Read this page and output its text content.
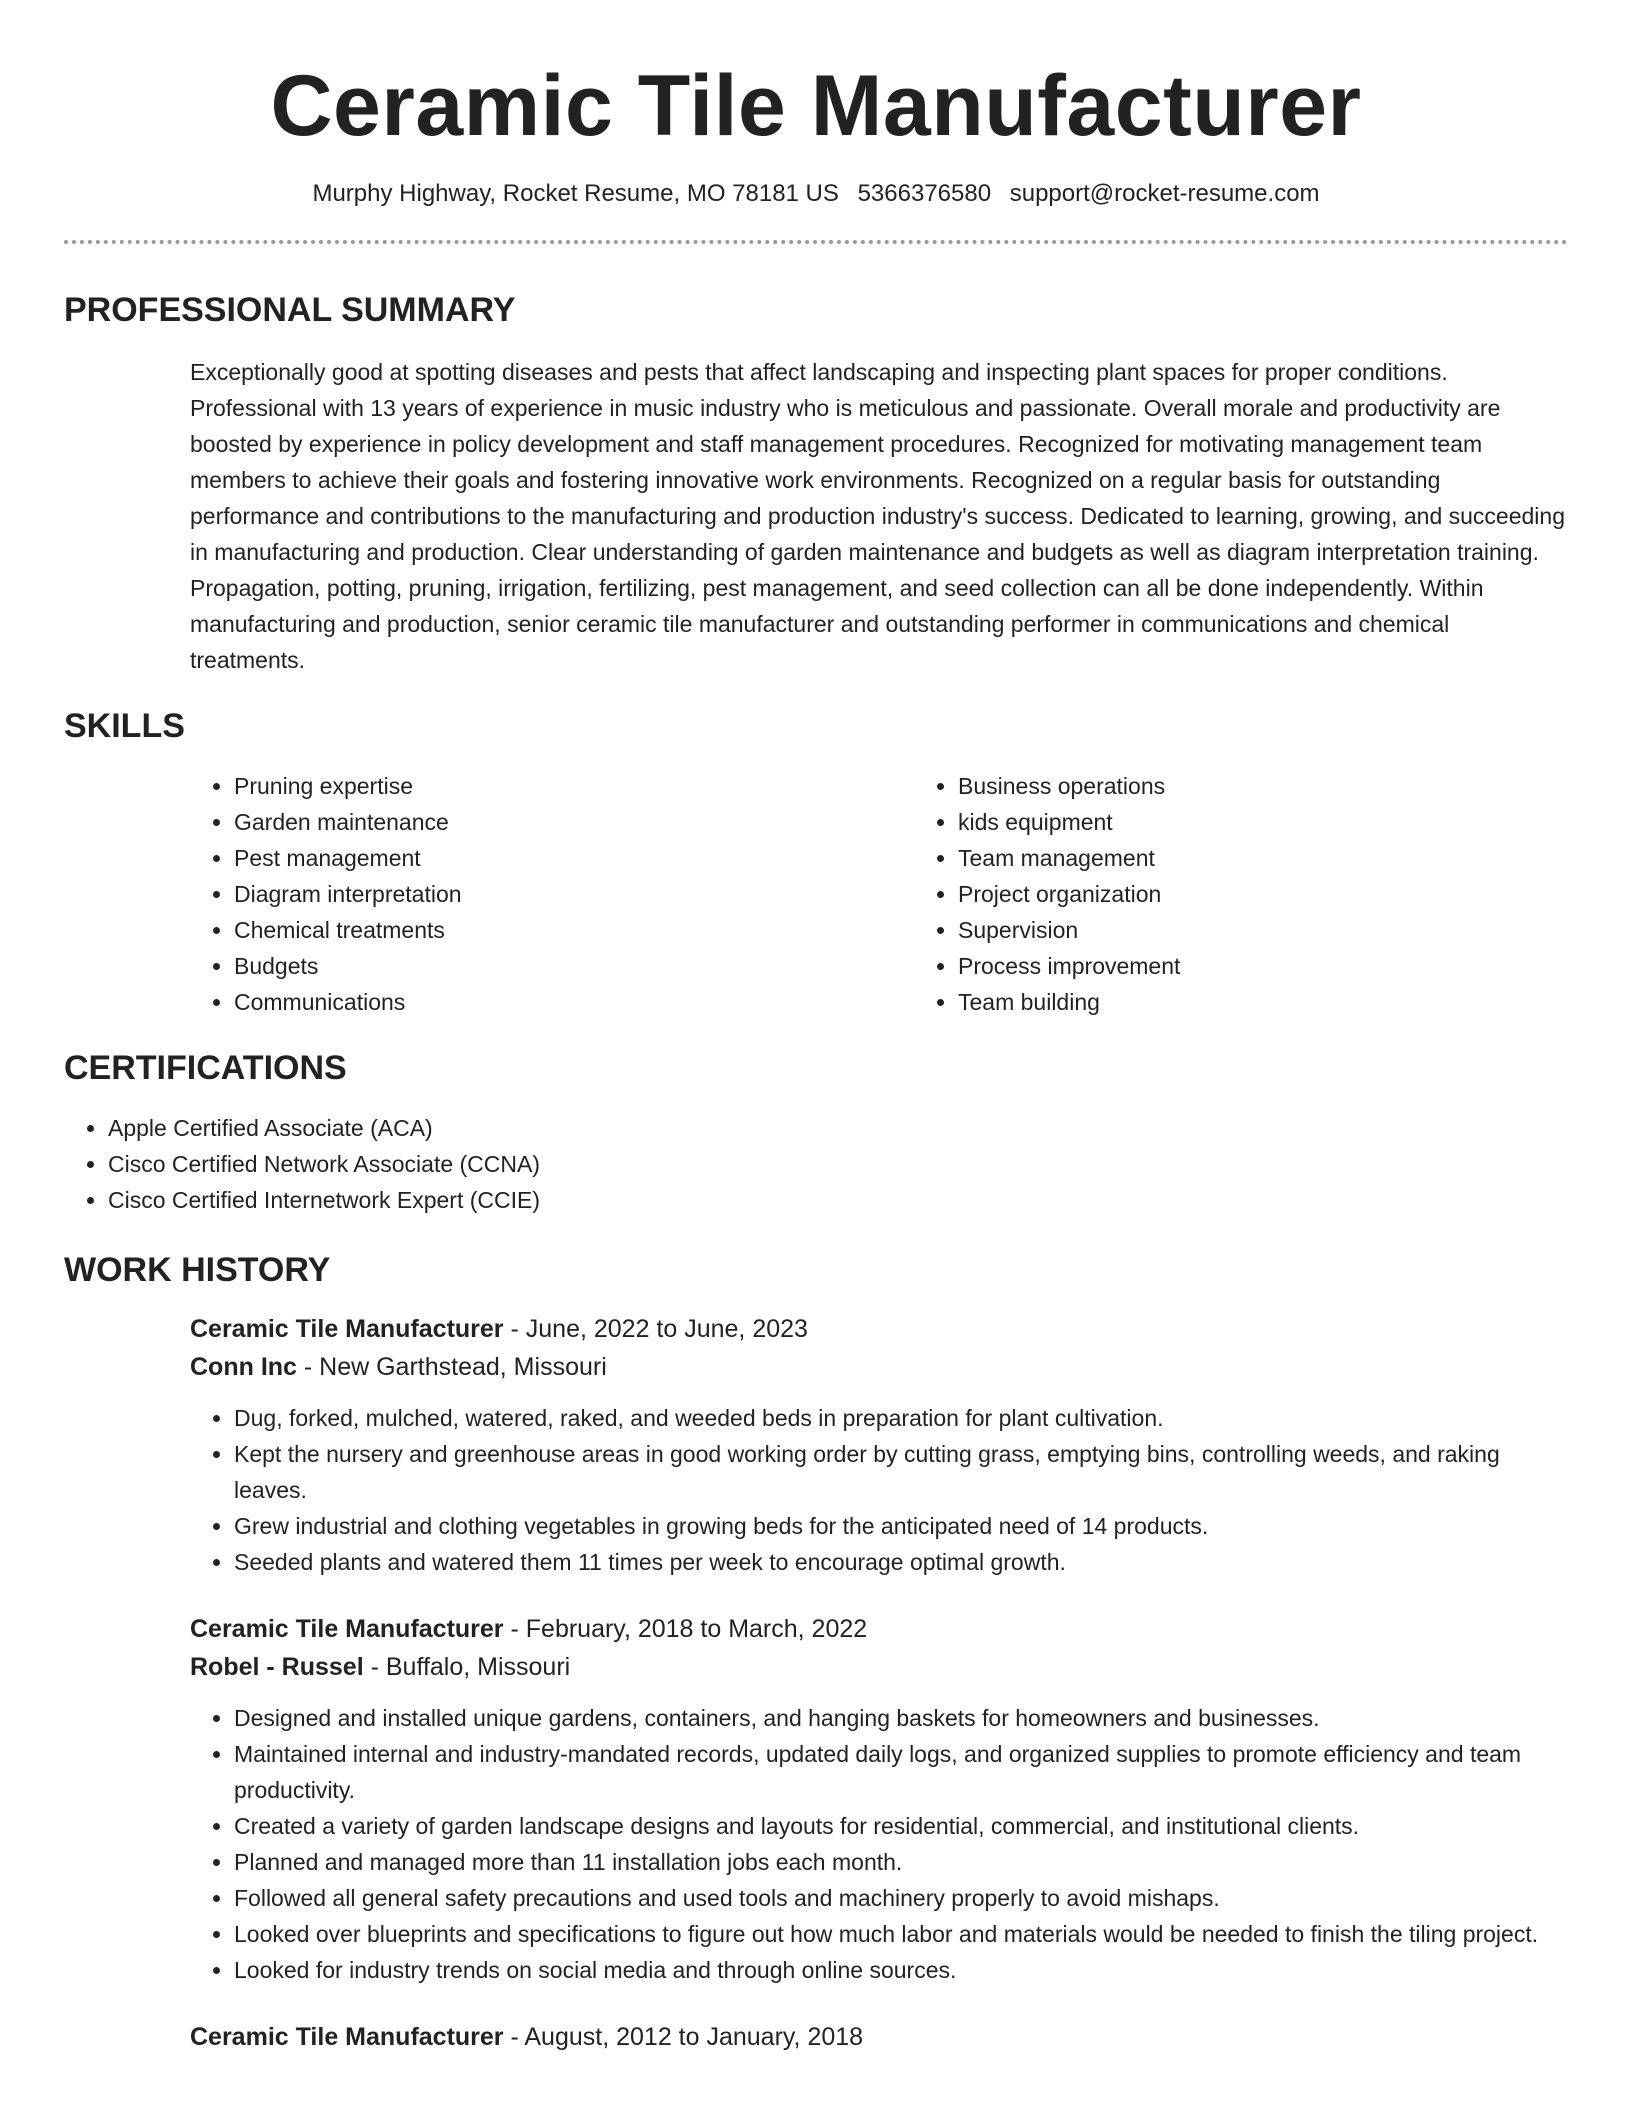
Ceramic Tile Manufacturer
Murphy Highway, Rocket Resume, MO 78181 US 5366376580 support@rocket-resume.com
PROFESSIONAL SUMMARY

Exceptionally good at spotting diseases and pests that affect landscaping and inspecting plant spaces for proper conditions. Professional with 13 years of experience in music industry who is meticulous and passionate. Overall morale and productivity are boosted by experience in policy development and staff management procedures. Recognized for motivating management team members to achieve their goals and fostering innovative work environments. Recognized on a regular basis for outstanding performance and contributions to the manufacturing and production industry's success. Dedicated to learning, growing, and succeeding in manufacturing and production. Clear understanding of garden maintenance and budgets as well as diagram interpretation training. Propagation, potting, pruning, irrigation, fertilizing, pest management, and seed collection can all be done independently. Within manufacturing and production, senior ceramic tile manufacturer and outstanding performer in communications and chemical treatments.

SKILLS
• Pruning expertise
• Garden maintenance
• Pest management
• Diagram interpretation
• Chemical treatments
• Budgets
• Communications
• Business operations
• kids equipment
• Team management
• Project organization
• Supervision
• Process improvement
• Team building
CERTIFICATIONS
• Apple Certified Associate (ACA)
• Cisco Certified Network Associate (CCNA)
• Cisco Certified Internetwork Expert (CCIE)
WORK HISTORY
Ceramic Tile Manufacturer - June, 2022 to June, 2023
Conn Inc - New Garthstead, Missouri
• Dug, forked, mulched, watered, raked, and weeded beds in preparation for plant cultivation.
• Kept the nursery and greenhouse areas in good working order by cutting grass, emptying bins, controlling weeds, and raking leaves.
• Grew industrial and clothing vegetables in growing beds for the anticipated need of 14 products.
• Seeded plants and watered them 11 times per week to encourage optimal growth.
Ceramic Tile Manufacturer - February, 2018 to March, 2022
Robel - Russel - Buffalo, Missouri
• Designed and installed unique gardens, containers, and hanging baskets for homeowners and businesses.
• Maintained internal and industry-mandated records, updated daily logs, and organized supplies to promote efficiency and team productivity.
• Created a variety of garden landscape designs and layouts for residential, commercial, and institutional clients.
• Planned and managed more than 11 installation jobs each month.
• Followed all general safety precautions and used tools and machinery properly to avoid mishaps.
• Looked over blueprints and specifications to figure out how much labor and materials would be needed to finish the tiling project.
• Looked for industry trends on social media and through online sources.
Ceramic Tile Manufacturer - August, 2012 to January, 2018
